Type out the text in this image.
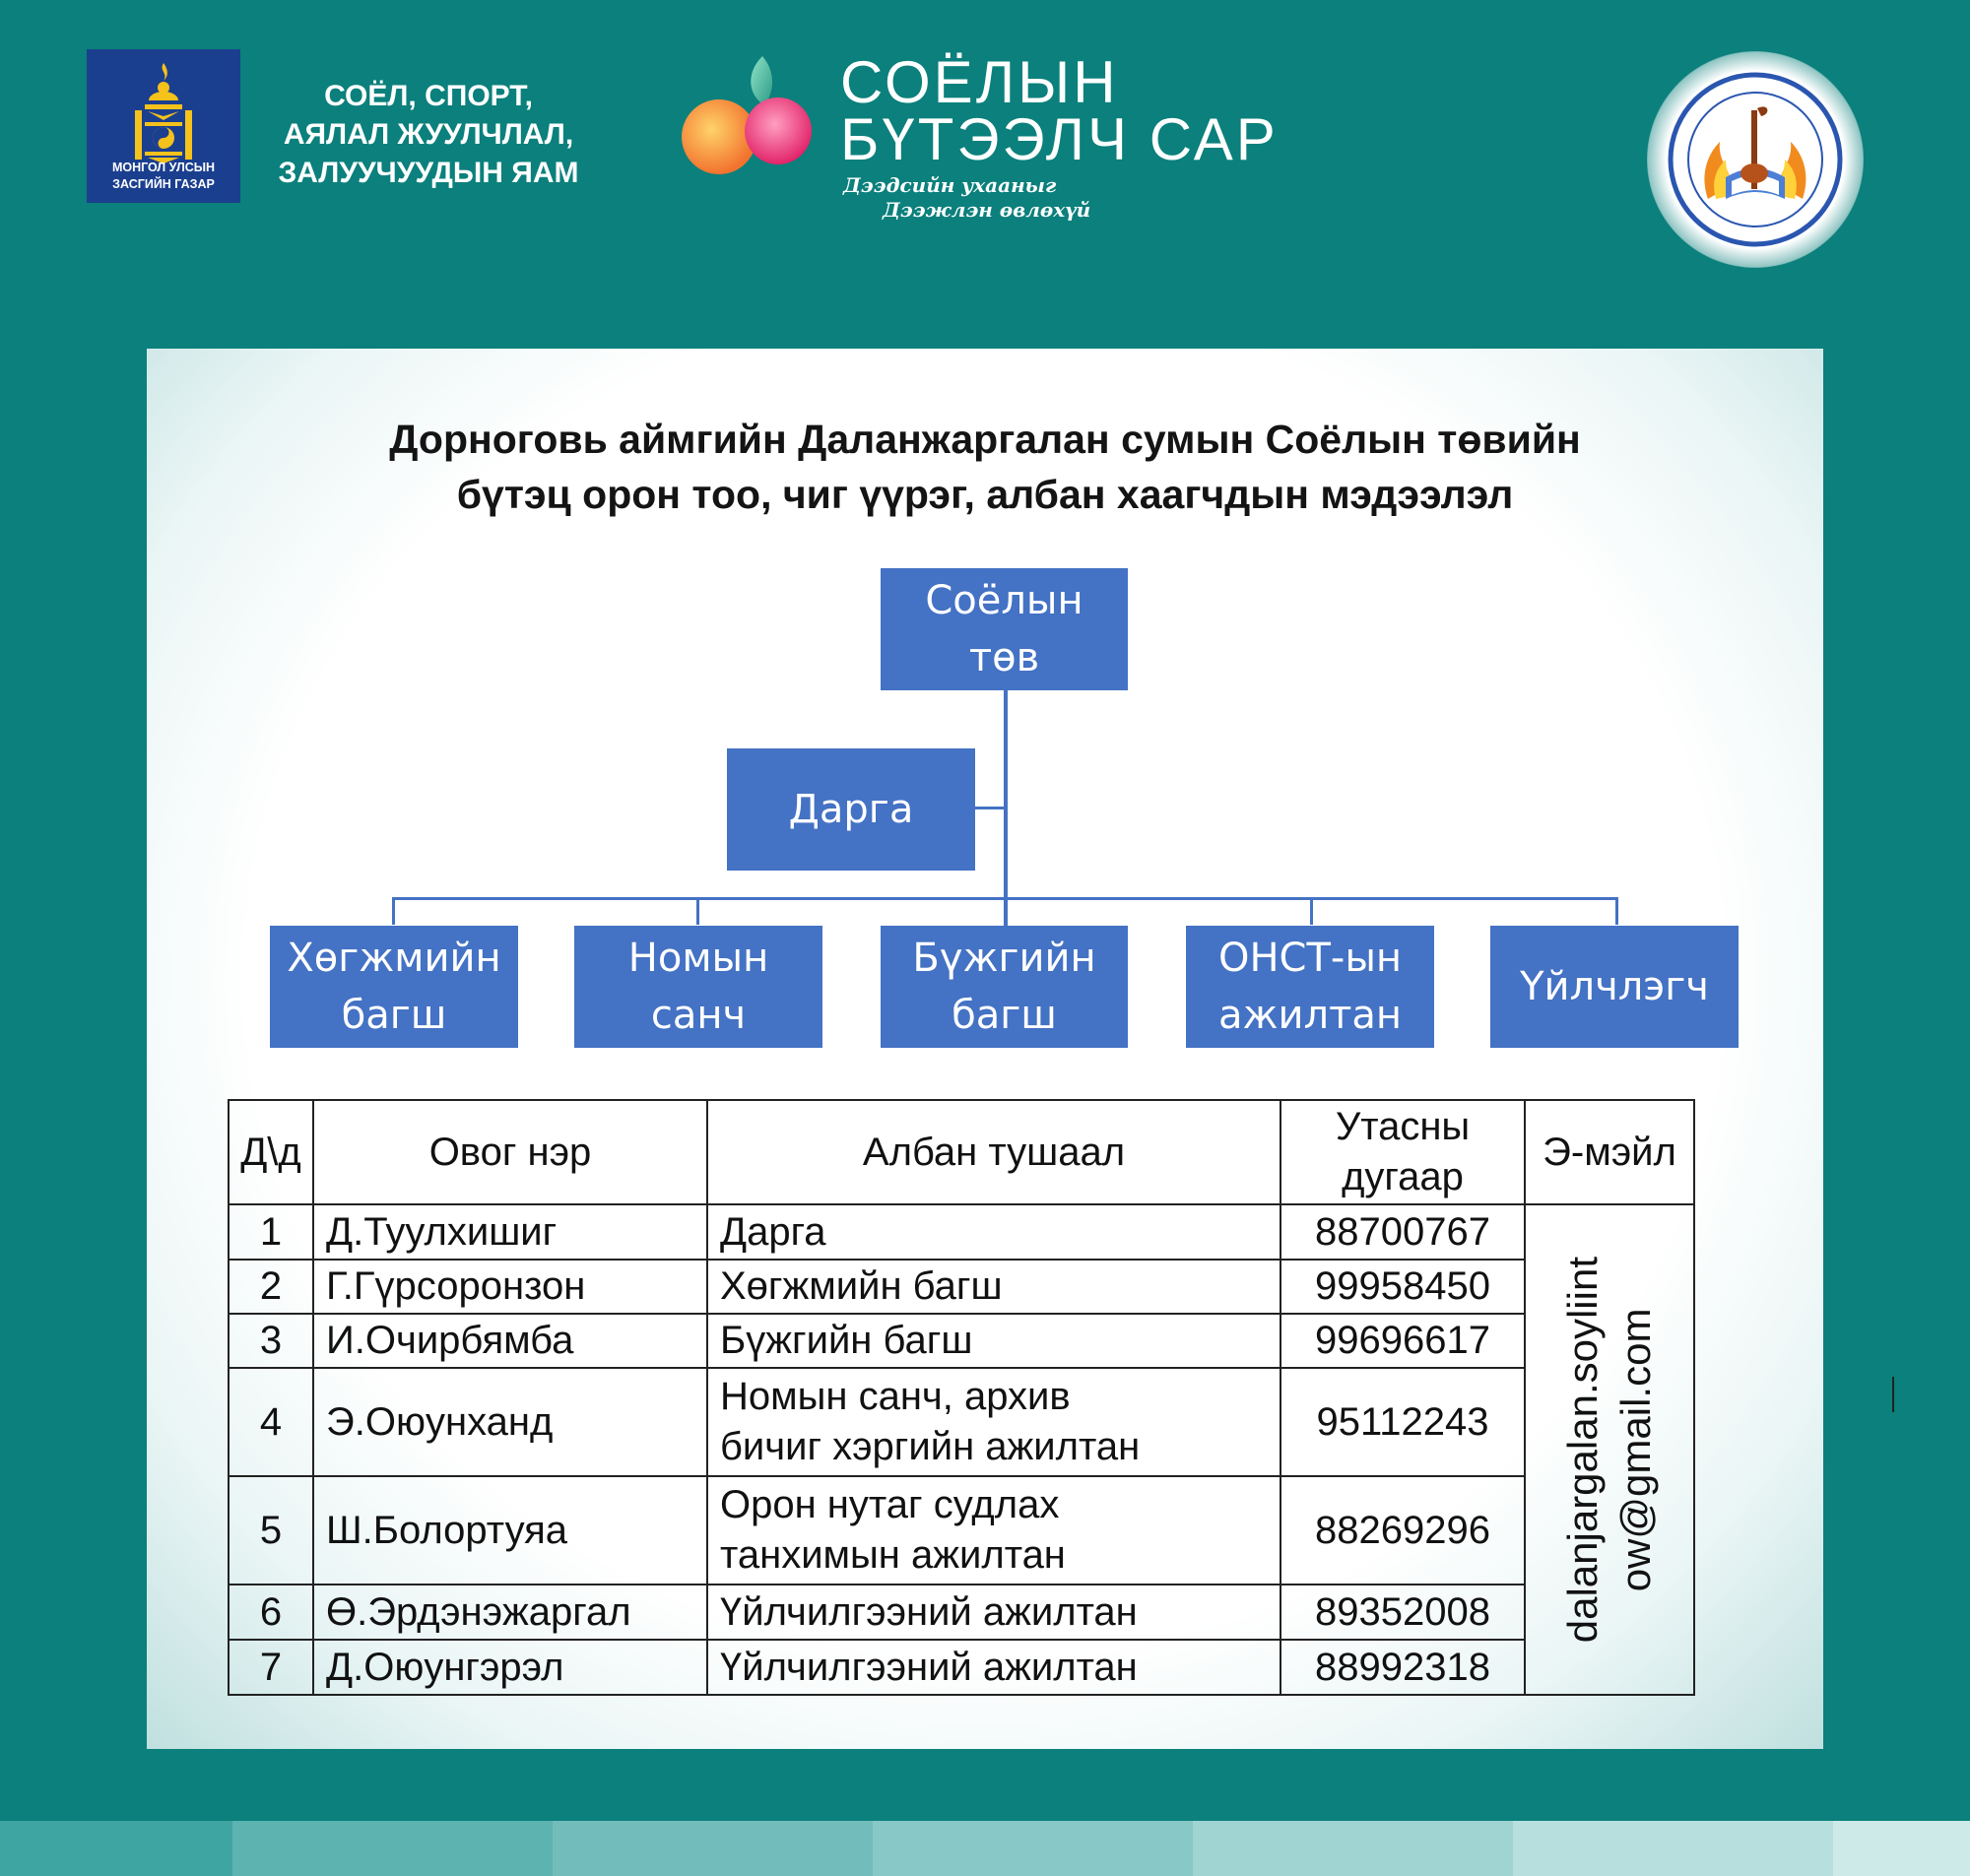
МОНГОЛ УЛСЫН
ЗАСГИЙН ГАЗАР
СОЁЛ, СПОРТ,
АЯЛАЛ ЖУУЛЧЛАЛ,
ЗАЛУУЧУУДЫН ЯАМ
СОЁЛЫН
БҮТЭЭЛЧ САР
Дээдсийн ухааныг
Дээжлэн өвлөхүй
Дорноговь аймгийн Даланжаргалан сумын Соёлын төвийн
бүтэц орон тоо, чиг үүрэг, албан хаагчдын мэдээлэл
Соёлын
төв
Дарга
Хөгжмийн
багш
Номын
санч
Бүжгийн
багш
ОНСТ-ын
ажилтан
Үйлчлэгч
Д\д	Овог нэр	Албан тушаал	Утасны
дугаар	Э-мэйл
1	Д.Туулхишиг	Дарга	88700767	dalanjargalan.soyliint ow@gmail.com

2	Г.Гүрсоронзон	Хөгжмийн багш	99958450	
3	И.Очирбямба	Бүжгийн багш	99696617	
4	Э.Оюунханд	Номын санч, архив
бичиг хэргийн ажилтан	95112243	
5	Ш.Болортуяа	Орон нутаг судлах
танхимын ажилтан	88269296	
6	Ө.Эрдэнэжаргал	Үйлчилгээний ажилтан	89352008	
7	Д.Оюунгэрэл	Үйлчилгээний ажилтан	88992318	
